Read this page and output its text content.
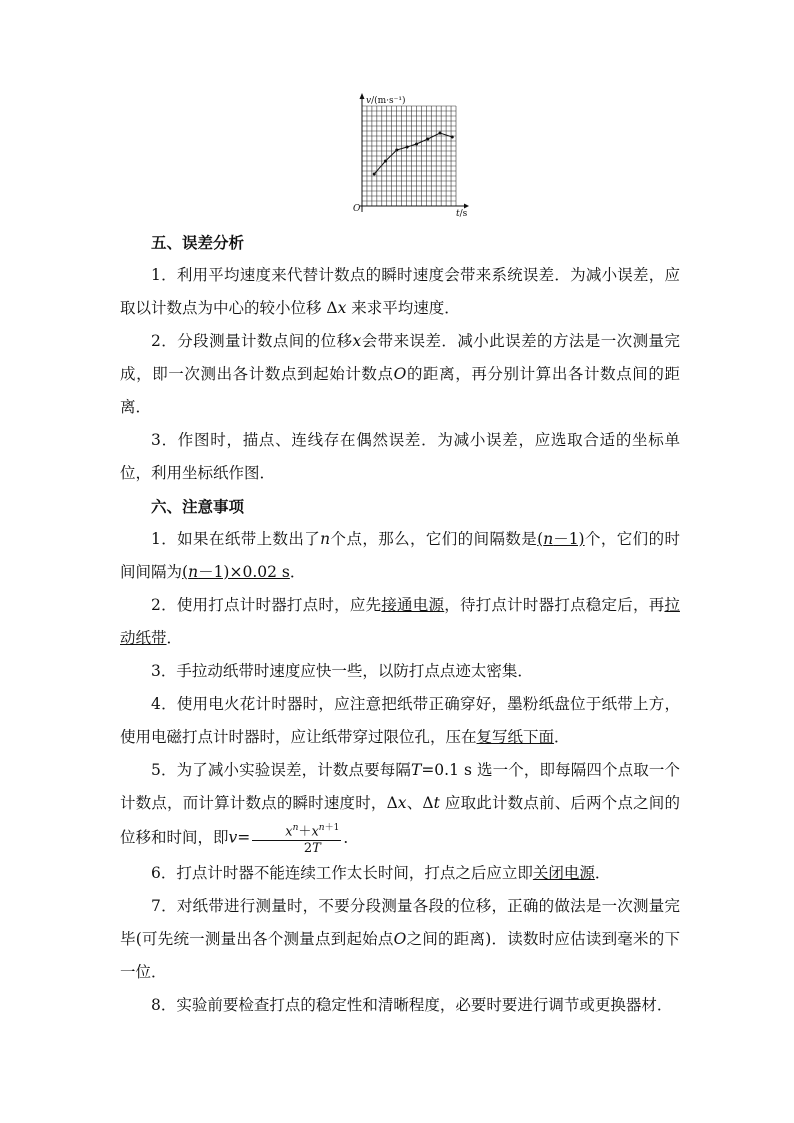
v/(m·s⁻¹)
O	t/s

五、误差分析

1．利用平均速度来代替计数点的瞬时速度会带来系统误差．为减小误差，应取以计数点为中心的较小位移 Δx 来求平均速度．

2．分段测量计数点间的位移x会带来误差．减小此误差的方法是一次测量完成，即一次测出各计数点到起始计数点O的距离，再分别计算出各计数点间的距离．

3．作图时，描点、连线存在偶然误差．为减小误差，应选取合适的坐标单位，利用坐标纸作图．

六、注意事项

1．如果在纸带上数出了n个点，那么，它们的间隔数是(n－1)个，它们的时间间隔为(n－1)×0.02 s．

2．使用打点计时器打点时，应先接通电源，待打点计时器打点稳定后，再拉动纸带．

3．手拉动纸带时速度应快一些，以防打点点迹太密集．

4．使用电火花计时器时，应注意把纸带正确穿好，墨粉纸盘位于纸带上方，使用电磁打点计时器时，应让纸带穿过限位孔，压在复写纸下面．

5．为了减小实验误差，计数点要每隔T=0.1 s 选一个，即每隔四个点取一个计数点，而计算计数点的瞬时速度时，Δx、Δt 应取此计数点前、后两个点之间的位移和时间，即$v= \frac{x^n+x^{n+1}}{2T}$ ．

6．打点计时器不能连续工作太长时间，打点之后应立即关闭电源．

7．对纸带进行测量时，不要分段测量各段的位移，正确的做法是一次测量完毕(可先统一测量出各个测量点到起始点O之间的距离)．读数时应估读到毫米的下一位．

8．实验前要检查打点的稳定性和清晰程度，必要时要进行调节或更换器材．
